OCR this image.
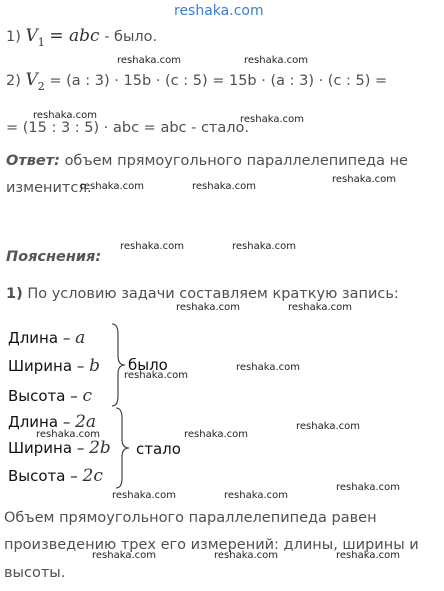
reshaka.com
1) $V_1$ = abc - было.
reshaka.com	reshaka.com
2) $V_2 = (a$ : 3) · 15b · (c : 5) = 15b · (a : 3) · (c : 5) =
reshaka.com	reshaka.com
= (15 : 3 : 5) · abc = abc - стало.
Ответ: объем прямоугольного параллелепипеда не
reshaka.com
изменится.
reshaka.com	reshaka.com
reshaka.com	reshaka.com
Пояснения:
1) По условию задачи составляем краткую запись:
reshaka.com	reshaka.com
Длина – a
Ширина – b
Высота – c
было
reshaka.com
reshaka.com
Длина – 2a
reshaka.com	reshaka.com
reshaka.com
Ширина – 2b
Высота – 2c
стало
reshaka.com
reshaka.com	reshaka.com
Объем прямоугольного параллелепипеда равен
произведению трех его измерений: длины, ширины и
reshaka.com	reshaka.com	reshaka.com
высоты.
